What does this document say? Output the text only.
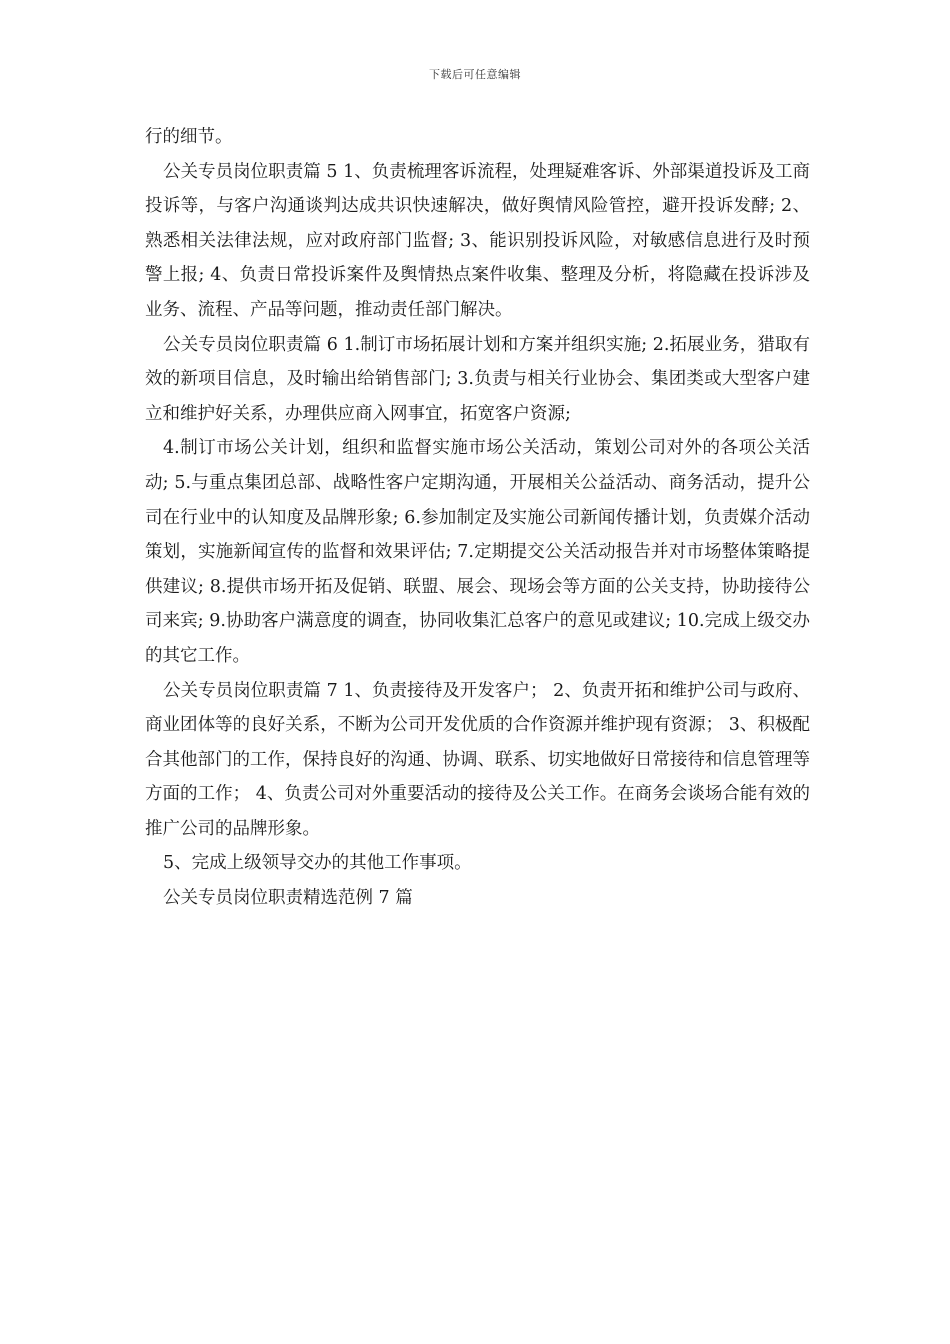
下载后可任意编辑

行的细节。

公关专员岗位职责篇 5 1、负责梳理客诉流程，处理疑难客诉、外部渠道投诉及工商投诉等，与客户沟通谈判达成共识快速解决，做好舆情风险管控，避开投诉发酵; 2、熟悉相关法律法规，应对政府部门监督; 3、能识别投诉风险，对敏感信息进行及时预警上报; 4、负责日常投诉案件及舆情热点案件收集、整理及分析，将隐藏在投诉涉及业务、流程、产品等问题，推动责任部门解决。

公关专员岗位职责篇 6 1.制订市场拓展计划和方案并组织实施; 2.拓展业务，猎取有效的新项目信息，及时输出给销售部门; 3.负责与相关行业协会、集团类或大型客户建立和维护好关系，办理供应商入网事宜，拓宽客户资源;

4.制订市场公关计划，组织和监督实施市场公关活动，策划公司对外的各项公关活动; 5.与重点集团总部、战略性客户定期沟通，开展相关公益活动、商务活动，提升公司在行业中的认知度及品牌形象; 6.参加制定及实施公司新闻传播计划，负责媒介活动策划，实施新闻宣传的监督和效果评估; 7.定期提交公关活动报告并对市场整体策略提供建议; 8.提供市场开拓及促销、联盟、展会、现场会等方面的公关支持，协助接待公司来宾; 9.协助客户满意度的调查，协同收集汇总客户的意见或建议; 10.完成上级交办的其它工作。

公关专员岗位职责篇 7 1、负责接待及开发客户； 2、负责开拓和维护公司与政府、商业团体等的良好关系，不断为公司开发优质的合作资源并维护现有资源； 3、积极配合其他部门的工作，保持良好的沟通、协调、联系、切实地做好日常接待和信息管理等方面的工作； 4、负责公司对外重要活动的接待及公关工作。在商务会谈场合能有效的推广公司的品牌形象。

5、完成上级领导交办的其他工作事项。

公关专员岗位职责精选范例 7 篇
